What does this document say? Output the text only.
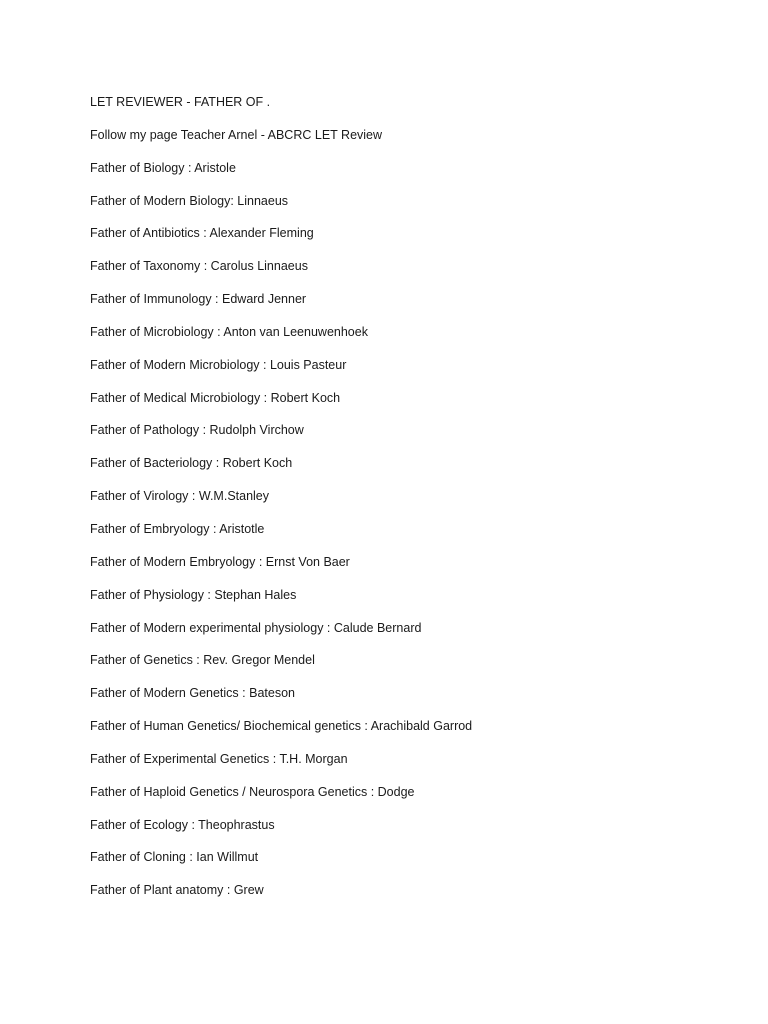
LET REVIEWER - FATHER OF .
Follow my page Teacher Arnel - ABCRC LET Review
Father of Biology : Aristole
Father of Modern Biology: Linnaeus
Father of Antibiotics : Alexander Fleming
Father of Taxonomy : Carolus Linnaeus
Father of Immunology : Edward Jenner
Father of Microbiology : Anton van Leenuwenhoek
Father of Modern Microbiology : Louis Pasteur
Father of Medical Microbiology : Robert Koch
Father of Pathology : Rudolph Virchow
Father of Bacteriology : Robert Koch
Father of Virology : W.M.Stanley
Father of Embryology : Aristotle
Father of Modern Embryology : Ernst Von Baer
Father of Physiology : Stephan Hales
Father of Modern experimental physiology : Calude Bernard
Father of Genetics : Rev. Gregor Mendel
Father of Modern Genetics : Bateson
Father of Human Genetics/ Biochemical genetics : Arachibald Garrod
Father of Experimental Genetics : T.H. Morgan
Father of Haploid Genetics / Neurospora Genetics : Dodge
Father of Ecology : Theophrastus
Father of Cloning : Ian Willmut
Father of Plant anatomy : Grew
